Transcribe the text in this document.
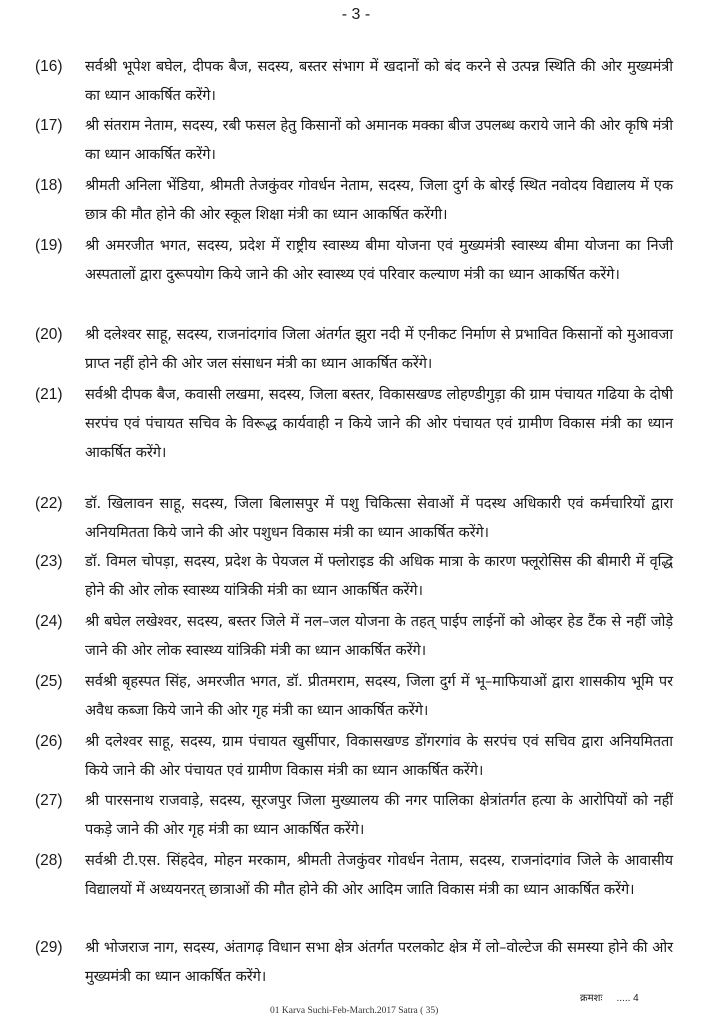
- 3 -
(16) सर्वश्री भूपेश बघेल, दीपक बैज, सदस्य, बस्तर संभाग में खदानों को बंद करने से उत्पन्न स्थिति की ओर मुख्यमंत्री का ध्यान आकर्षित करेंगे।
(17) श्री संतराम नेताम, सदस्य, रबी फसल हेतु किसानों को अमानक मक्का बीज उपलब्ध कराये जाने की ओर कृषि मंत्री का ध्यान आकर्षित करेंगे।
(18) श्रीमती अनिला भेंडिया, श्रीमती तेजकुंवर गोवर्धन नेताम, सदस्य, जिला दुर्ग के बोरई स्थित नवोदय विद्यालय में एक छात्र की मौत होने की ओर स्कूल शिक्षा मंत्री का ध्यान आकर्षित करेंगी।
(19) श्री अमरजीत भगत, सदस्य, प्रदेश में राष्ट्रीय स्वास्थ्य बीमा योजना एवं मुख्यमंत्री स्वास्थ्य बीमा योजना का निजी अस्पतालों द्वारा दुरूपयोग किये जाने की ओर स्वास्थ्य एवं परिवार कल्याण मंत्री का ध्यान आकर्षित करेंगे।
(20) श्री दलेश्वर साहू, सदस्य, राजनांदगांव जिला अंतर्गत झुरा नदी में एनीकट निर्माण से प्रभावित किसानों को मुआवजा प्राप्त नहीं होने की ओर जल संसाधन मंत्री का ध्यान आकर्षित करेंगे।
(21) सर्वश्री दीपक बैज, कवासी लखमा, सदस्य, जिला बस्तर, विकासखण्ड लोहण्डीगुड़ा की ग्राम पंचायत गढिया के दोषी सरपंच एवं पंचायत सचिव के विरूद्ध कार्यवाही न किये जाने की ओर पंचायत एवं ग्रामीण विकास मंत्री का ध्यान आकर्षित करेंगे।
(22) डॉ. खिलावन साहू, सदस्य, जिला बिलासपुर में पशु चिकित्सा सेवाओं में पदस्थ अधिकारी एवं कर्मचारियों द्वारा अनियमितता किये जाने की ओर पशुधन विकास मंत्री का ध्यान आकर्षित करेंगे।
(23) डॉ. विमल चोपड़ा, सदस्य, प्रदेश के पेयजल में फ्लोराइड की अधिक मात्रा के कारण फ्लूरोसिस की बीमारी में वृद्धि होने की ओर लोक स्वास्थ्य यांत्रिकी मंत्री का ध्यान आकर्षित करेंगे।
(24) श्री बघेल लखेश्वर, सदस्य, बस्तर जिले में नल–जल योजना के तहत् पाईप लाईनों को ओव्हर हेड टैंक से नहीं जोड़े जाने की ओर लोक स्वास्थ्य यांत्रिकी मंत्री का ध्यान आकर्षित करेंगे।
(25) सर्वश्री बृहस्पत सिंह, अमरजीत भगत, डॉ. प्रीतमराम, सदस्य, जिला दुर्ग में भू–माफियाओं द्वारा शासकीय भूमि पर अवैध कब्जा किये जाने की ओर गृह मंत्री का ध्यान आकर्षित करेंगे।
(26) श्री दलेश्वर साहू, सदस्य, ग्राम पंचायत खुर्सीपार, विकासखण्ड डोंगरगांव के सरपंच एवं सचिव द्वारा अनियमितता किये जाने की ओर पंचायत एवं ग्रामीण विकास मंत्री का ध्यान आकर्षित करेंगे।
(27) श्री पारसनाथ राजवाड़े, सदस्य, सूरजपुर जिला मुख्यालय की नगर पालिका क्षेत्रांतर्गत हत्या के आरोपियों को नहीं पकड़े जाने की ओर गृह मंत्री का ध्यान आकर्षित करेंगे।
(28) सर्वश्री टी.एस. सिंहदेव, मोहन मरकाम, श्रीमती तेजकुंवर गोवर्धन नेताम, सदस्य, राजनांदगांव जिले के आवासीय विद्यालयों में अध्ययनरत् छात्राओं की मौत होने की ओर आदिम जाति विकास मंत्री का ध्यान आकर्षित करेंगे।
(29) श्री भोजराज नाग, सदस्य, अंतागढ़ विधान सभा क्षेत्र अंतर्गत परलकोट क्षेत्र में लो–वोल्टेज की समस्या होने की ओर मुख्यमंत्री का ध्यान आकर्षित करेंगे।
क्रमशः ..... 4
01 Karva Suchi-Feb-March.2017 Satra ( 35)
